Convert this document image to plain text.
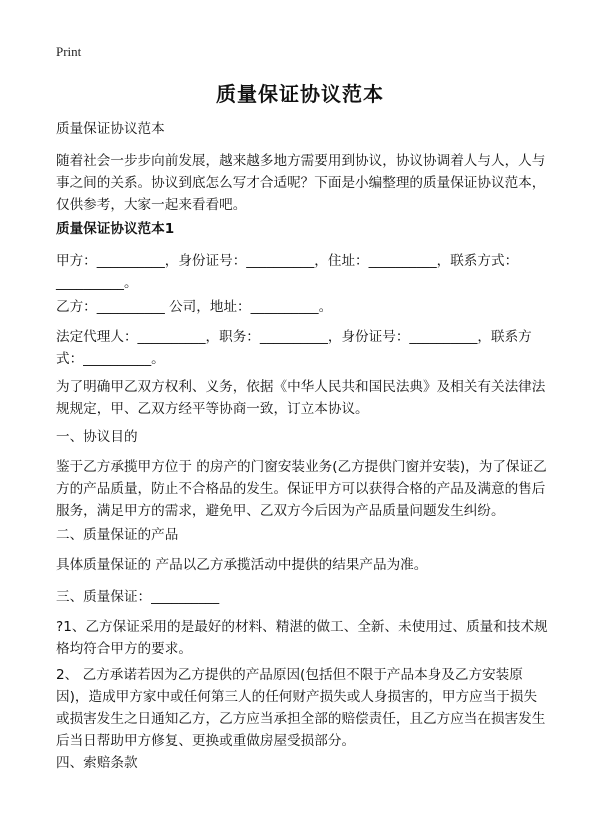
Print
质量保证协议范本

质量保证协议范本

随着社会一步步向前发展，越来越多地方需要用到协议，协议协调着人与人，人与事之间的关系。协议到底怎么写才合适呢？下面是小编整理的质量保证协议范本，仅供参考，大家一起来看看吧。

质量保证协议范本1

甲方：__________，身份证号：__________，住址：__________，联系方式：__________。

乙方：__________ 公司，地址：__________。

法定代理人：__________，职务：__________，身份证号：__________，联系方式：__________。

为了明确甲乙双方权利、义务，依据《中华人民共和国民法典》及相关有关法律法规规定，甲、乙双方经平等协商一致，订立本协议。

一、协议目的

鉴于乙方承揽甲方位于 的房产的门窗安装业务(乙方提供门窗并安装)，为了保证乙方的产品质量，防止不合格品的发生。保证甲方可以获得合格的产品及满意的售后服务，满足甲方的需求，避免甲、乙双方今后因为产品质量问题发生纠纷。

二、质量保证的产品

具体质量保证的 产品以乙方承揽活动中提供的结果产品为准。

三、质量保证：__________

?1、乙方保证采用的是最好的材料、精湛的做工、全新、未使用过、质量和技术规格均符合甲方的要求。

2、 乙方承诺若因为乙方提供的产品原因(包括但不限于产品本身及乙方安装原因)，造成甲方家中或任何第三人的任何财产损失或人身损害的，甲方应当于损失或损害发生之日通知乙方，乙方应当承担全部的赔偿责任，且乙方应当在损害发生后当日帮助甲方修复、更换或重做房屋受损部分。

四、索赔条款
